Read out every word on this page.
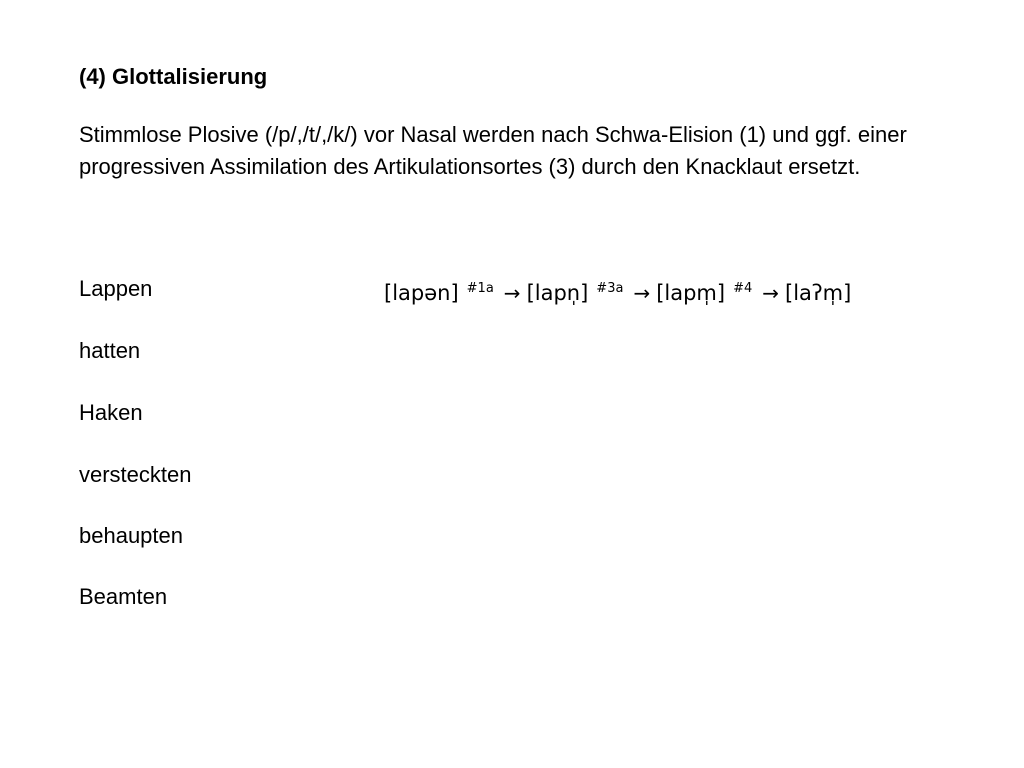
(4) Glottalisierung

Stimmlose Plosive (/p/,/t/,/k/) vor Nasal werden nach Schwa-Elision (1) und ggf. einer progressiven Assimilation des Artikulationsortes (3) durch den Knacklaut ersetzt.

Lappen
hatten
Haken
versteckten
behaupten
Beamten
[lapən] $^{\#1a}$ → [lapn̩] $^{\#3a}$ → [lapm̩] $^{\#4}$ → [laʔm̩]
